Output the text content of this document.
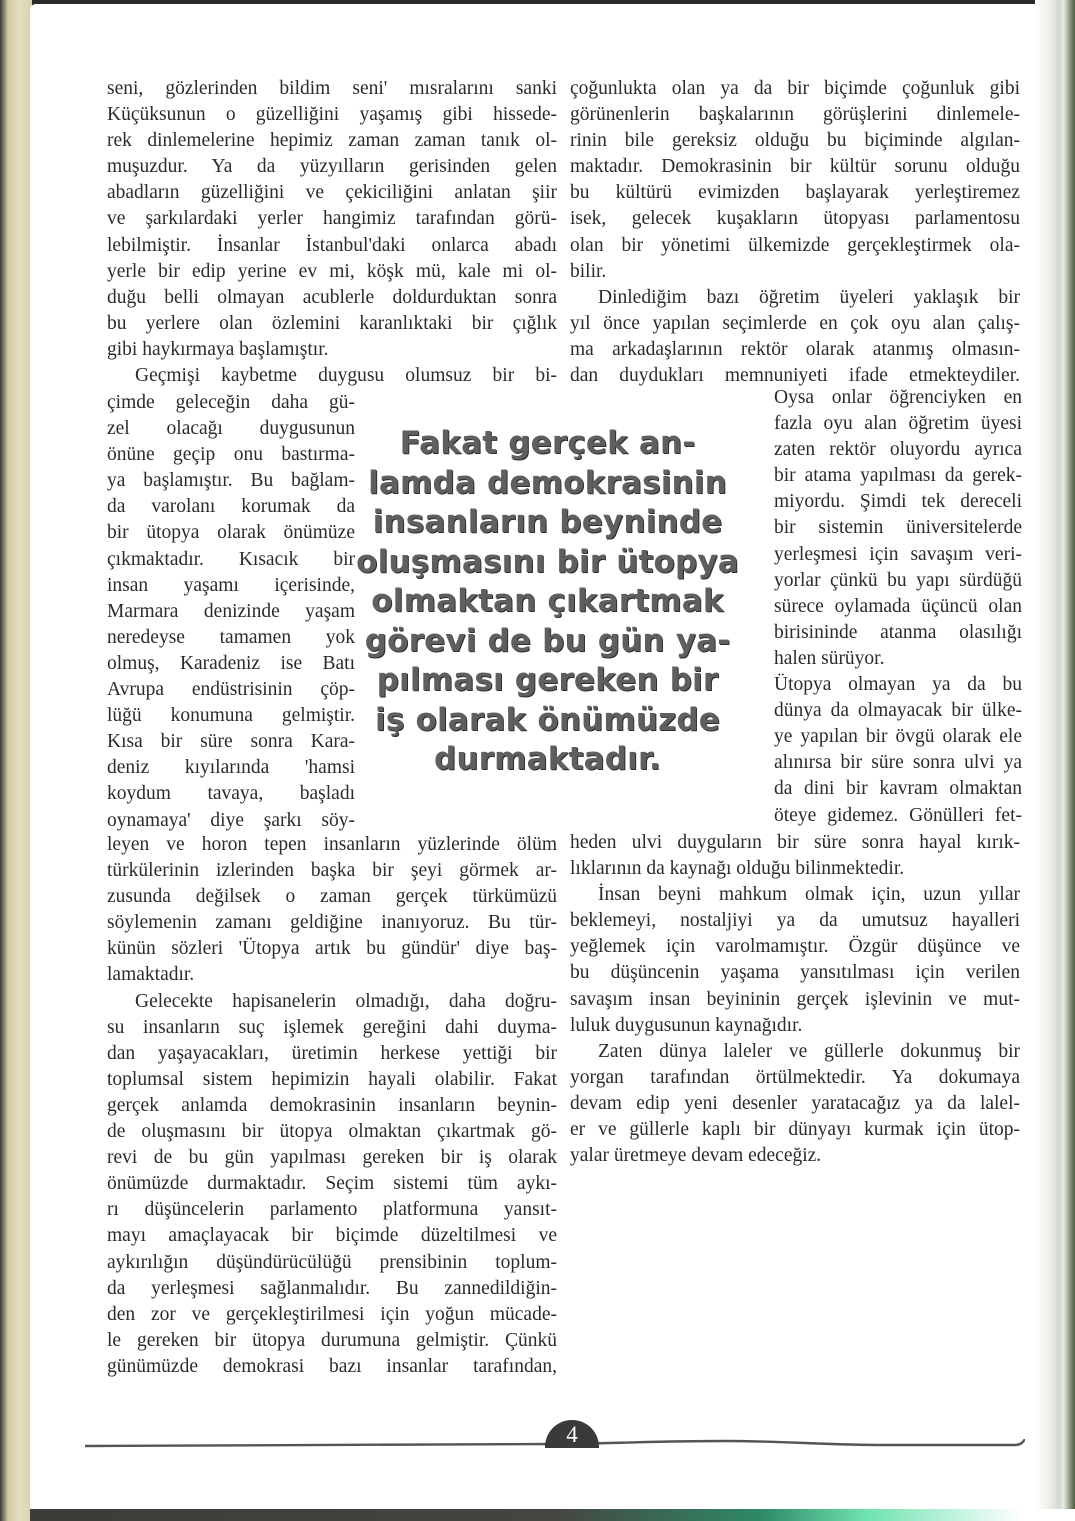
seni, gözlerinden bildim seni' mısralarını sanki
Küçüksunun o güzelliğini yaşamış gibi hissede-
rek dinlemelerine hepimiz zaman zaman tanık ol-
muşuzdur. Ya da yüzyılların gerisinden gelen
abadların güzelliğini ve çekiciliğini anlatan şiir
ve şarkılardaki yerler hangimiz tarafından görü-
lebilmiştir. İnsanlar İstanbul'daki onlarca abadı
yerle bir edip yerine ev mi, köşk mü, kale mi ol-
duğu belli olmayan acublerle doldurduktan sonra
bu yerlere olan özlemini karanlıktaki bir çığlık
gibi haykırmaya başlamıştır.
Geçmişi kaybetme duygusu olumsuz bir bi-
çimde geleceğin daha gü-
zel olacağı duygusunun
önüne geçip onu bastırma-
ya başlamıştır. Bu bağlam-
da varolanı korumak da
bir ütopya olarak önümüze
çıkmaktadır. Kısacık bir
insan yaşamı içerisinde,
Marmara denizinde yaşam
neredeyse tamamen yok
olmuş, Karadeniz ise Batı
Avrupa endüstrisinin çöp-
lüğü konumuna gelmiştir.
Kısa bir süre sonra Kara-
deniz kıyılarında 'hamsi
koydum tavaya, başladı
oynamaya' diye şarkı söy-
leyen ve horon tepen insanların yüzlerinde ölüm
türkülerinin izlerinden başka bir şeyi görmek ar-
zusunda değilsek o zaman gerçek türkümüzü
söylemenin zamanı geldiğine inanıyoruz. Bu tür-
künün sözleri 'Ütopya artık bu gündür' diye baş-
lamaktadır.
Gelecekte hapisanelerin olmadığı, daha doğru-
su insanların suç işlemek gereğini dahi duyma-
dan yaşayacakları, üretimin herkese yettiği bir
toplumsal sistem hepimizin hayali olabilir. Fakat
gerçek anlamda demokrasinin insanların beynin-
de oluşmasını bir ütopya olmaktan çıkartmak gö-
revi de bu gün yapılması gereken bir iş olarak
önümüzde durmaktadır. Seçim sistemi tüm aykı-
rı düşüncelerin parlamento platformuna yansıt-
mayı amaçlayacak bir biçimde düzeltilmesi ve
aykırılığın düşündürücülüğü prensibinin toplum-
da yerleşmesi sağlanmalıdır. Bu zannedildiğin-
den zor ve gerçekleştirilmesi için yoğun mücade-
le gereken bir ütopya durumuna gelmiştir. Çünkü
günümüzde demokrasi bazı insanlar tarafından,
çoğunlukta olan ya da bir biçimde çoğunluk gibi
görünenlerin başkalarının görüşlerini dinlemele-
rinin bile gereksiz olduğu bu biçiminde algılan-
maktadır. Demokrasinin bir kültür sorunu olduğu
bu kültürü evimizden başlayarak yerleştiremez
isek, gelecek kuşakların ütopyası parlamentosu
olan bir yönetimi ülkemizde gerçekleştirmek ola-
bilir.
Dinlediğim bazı öğretim üyeleri yaklaşık bir
yıl önce yapılan seçimlerde en çok oyu alan çalış-
ma arkadaşlarının rektör olarak atanmış olmasın-
dan duydukları memnuniyeti ifade etmekteydiler.
Oysa onlar öğrenciyken en
fazla oyu alan öğretim üyesi
zaten rektör oluyordu ayrıca
bir atama yapılması da gerek-
miyordu. Şimdi tek dereceli
bir sistemin üniversitelerde
yerleşmesi için savaşım veri-
yorlar çünkü bu yapı sürdüğü
sürece oylamada üçüncü olan
birisininde atanma olasılığı
halen sürüyor.
Ütopya olmayan ya da bu
dünya da olmayacak bir ülke-
ye yapılan bir övgü olarak ele
alınırsa bir süre sonra ulvi ya
da dini bir kavram olmaktan
öteye gidemez. Gönülleri fet-
heden ulvi duyguların bir süre sonra hayal kırık-
lıklarının da kaynağı olduğu bilinmektedir.
İnsan beyni mahkum olmak için, uzun yıllar
beklemeyi, nostaljiyi ya da umutsuz hayalleri
yeğlemek için varolmamıştır. Özgür düşünce ve
bu düşüncenin yaşama yansıtılması için verilen
savaşım insan beyininin gerçek işlevinin ve mut-
luluk duygusunun kaynağıdır.
Zaten dünya laleler ve güllerle dokunmuş bir
yorgan tarafından örtülmektedir. Ya dokumaya
devam edip yeni desenler yaratacağız ya da lalel-
er ve güllerle kaplı bir dünyayı kurmak için ütop-
yalar üretmeye devam edeceğiz.
Fakat gerçek an-
lamda demokrasinin
insanların beyninde
oluşmasını bir ütopya
olmaktan çıkartmak
görevi de bu gün ya-
pılması gereken bir
iş olarak önümüzde
durmaktadır.
4
